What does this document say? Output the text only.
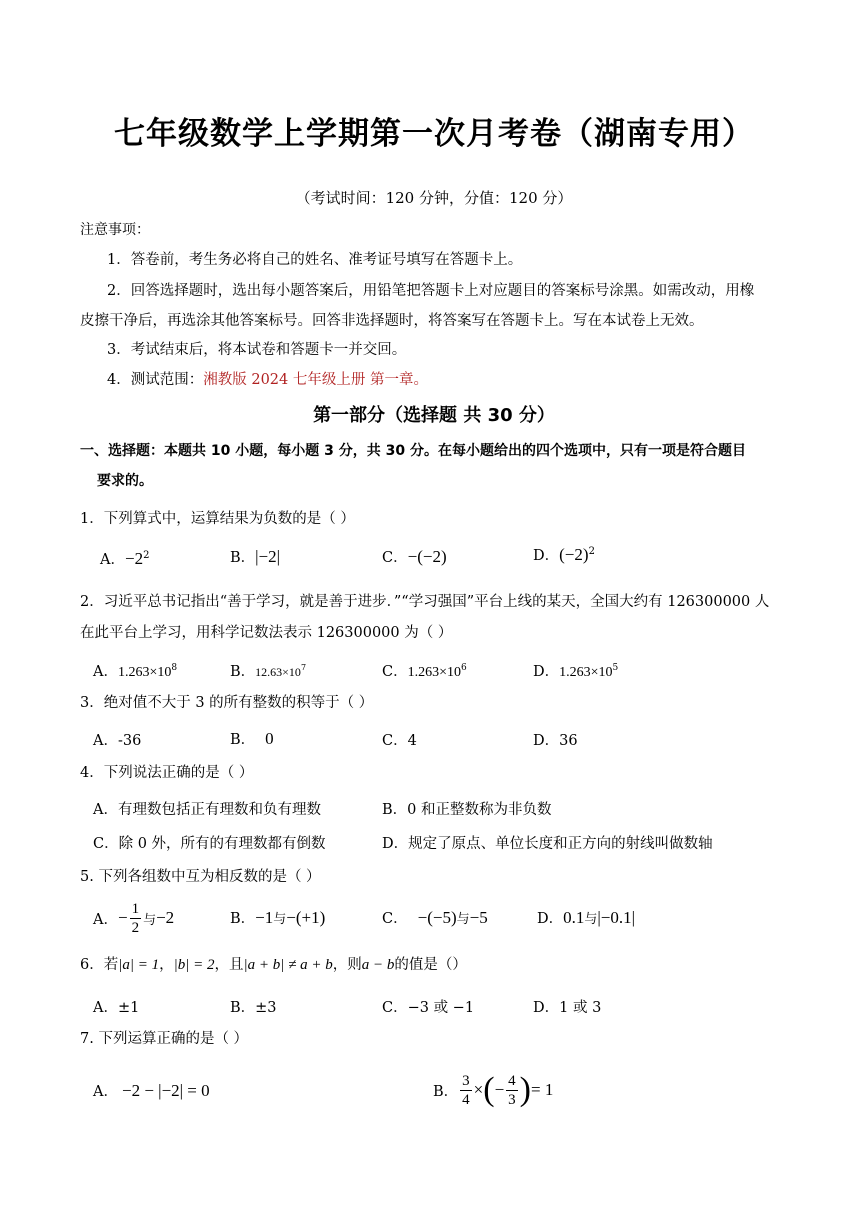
七年级数学上学期第一次月考卷（湖南专用）
（考试时间：120 分钟，分值：120 分）
注意事项：
1．答卷前，考生务必将自己的姓名、准考证号填写在答题卡上。
2．回答选择题时，选出每小题答案后，用铅笔把答题卡上对应题目的答案标号涂黑。如需改动，用橡
皮擦干净后，再选涂其他答案标号。回答非选择题时，将答案写在答题卡上。写在本试卷上无效。
3．考试结束后，将本试卷和答题卡一并交回。
4．测试范围：湘教版 2024 七年级上册 第一章。
第一部分（选择题 共 30 分）
一、选择题：本题共 10 小题，每小题 3 分，共 30 分。在每小题给出的四个选项中，只有一项是符合题目
要求的。
1．下列算式中，运算结果为负数的是（ ）
A．$-2^2$	B．|−2|	C．−(−2)	D．$(-2)^2$
2．习近平总书记指出“善于学习，就是善于进步．”“学习强国”平台上线的某天，全国大约有 126300000 人
在此平台上学习，用科学记数法表示 126300000 为（ ）
A．$1.263\times 10^8$	B．$12.63\times 10^7$	C．$1.263\times 10^6$	D．$1.263\times 10^5$
3．绝对值不大于 3 的所有整数的积等于（ ）
A．-36	B． 0	C．4	D．36
4．下列说法正确的是（ ）
A．有理数包括正有理数和负有理数	B．0 和正整数称为非负数
C．除 0 外，所有的有理数都有倒数	D．规定了原点、单位长度和正方向的射线叫做数轴
5. 下列各组数中互为相反数的是（ ）
A． − $\frac{1}{2}$ 与 −2	B．−1与−(+1)	C． −(−5)与−5	D．0.1与|−0.1|
6．若|a| = 1，|b| = 2，且|a + b| ≠ a + b，则a − b的值是（）
A．±1	B．±3	C．−3 或 −1	D．1 或 3
7. 下列运算正确的是（ ）
A． −2 − |−2| = 0	B． $\frac{3}{4}$ × ( − $\frac{4}{3}$ ) = 1
